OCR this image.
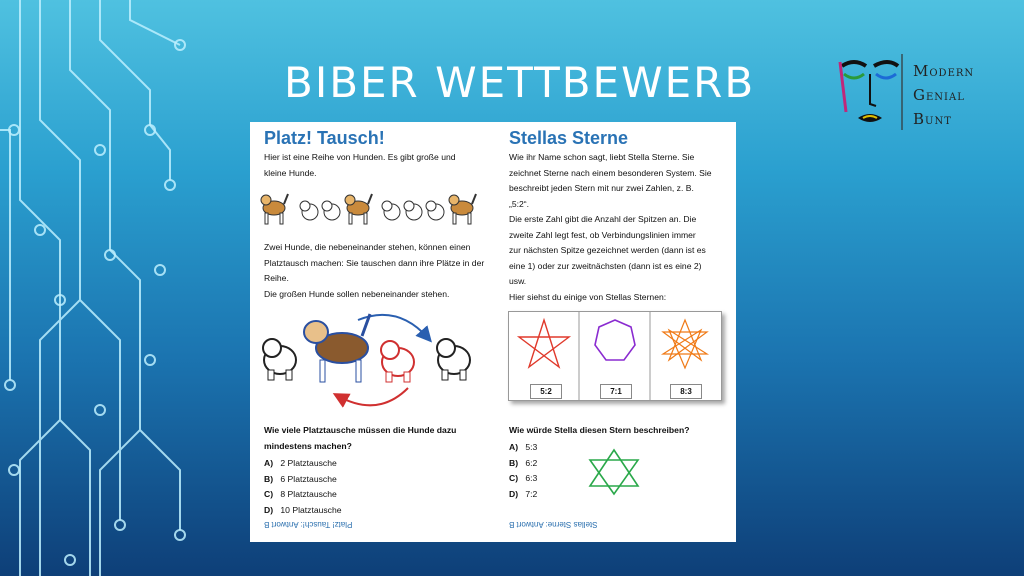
BIBER WETTBEWERB	MODERN
GENIAL
BUNT
Platz! Tausch!
Hier ist eine Reihe von Hunden. Es gibt große und
kleine Hunde.
Zwei Hunde, die nebeneinander stehen, können einen
Platztausch machen: Sie tauschen dann ihre Plätze in der
Reihe.
Die großen Hunde sollen nebeneinander stehen.
Wie viele Platztausche müssen die Hunde dazu
mindestens machen?
A) 2 Platztausche
B) 6 Platztausche
C) 8 Platztausche
D) 10 Platztausche
Platz! Tausch!: Antwort B
Stellas Sterne
Wie ihr Name schon sagt, liebt Stella Sterne. Sie
zeichnet Sterne nach einem besonderen System. Sie
beschreibt jeden Stern mit nur zwei Zahlen, z. B.
„5:2“.
Die erste Zahl gibt die Anzahl der Spitzen an. Die
zweite Zahl legt fest, ob Verbindungslinien immer
zur nächsten Spitze gezeichnet werden (dann ist es
eine 1) oder zur zweitnächsten (dann ist es eine 2)
usw.
Hier siehst du einige von Stellas Sternen:
5:2	7:1	8:3
Wie würde Stella diesen Stern beschreiben?
A) 5:3
B) 6:2
C) 6:3
D) 7:2
Stellas Sterne: Antwort B
